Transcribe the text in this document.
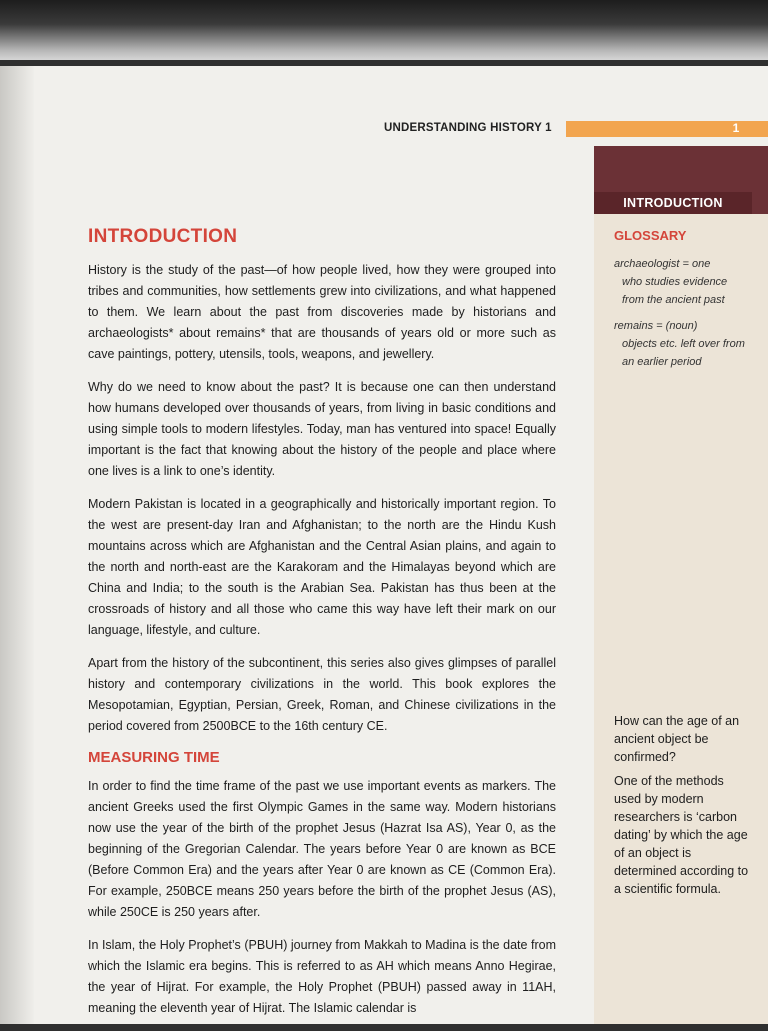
UNDERSTANDING HISTORY 1	1
INTRODUCTION
INTRODUCTION

History is the study of the past—of how people lived, how they were grouped into tribes and communities, how settlements grew into civilizations, and what happened to them. We learn about the past from discoveries made by historians and archaeologists* about remains* that are thousands of years old or more such as cave paintings, pottery, utensils, tools, weapons, and jewellery.

Why do we need to know about the past? It is because one can then understand how humans developed over thousands of years, from living in basic conditions and using simple tools to modern lifestyles. Today, man has ventured into space! Equally important is the fact that knowing about the history of the people and place where one lives is a link to one’s identity.

Modern Pakistan is located in a geographically and historically important region. To the west are present-day Iran and Afghanistan; to the north are the Hindu Kush mountains across which are Afghanistan and the Central Asian plains, and again to the north and north-east are the Karakoram and the Himalayas beyond which are China and India; to the south is the Arabian Sea. Pakistan has thus been at the crossroads of history and all those who came this way have left their mark on our language, lifestyle, and culture.

Apart from the history of the subcontinent, this series also gives glimpses of parallel history and contemporary civilizations in the world. This book explores the Mesopotamian, Egyptian, Persian, Greek, Roman, and Chinese civilizations in the period covered from 2500BCE to the 16th century CE.

MEASURING TIME

In order to find the time frame of the past we use important events as markers. The ancient Greeks used the first Olympic Games in the same way. Modern historians now use the year of the birth of the prophet Jesus (Hazrat Isa AS), Year 0, as the beginning of the Gregorian Calendar. The years before Year 0 are known as BCE (Before Common Era) and the years after Year 0 are known as CE (Common Era). For example, 250BCE means 250 years before the birth of the prophet Jesus (AS), while 250CE is 250 years after.

In Islam, the Holy Prophet’s (PBUH) journey from Makkah to Madina is the date from which the Islamic era begins. This is referred to as AH which means Anno Hegirae, the year of Hijrat. For example, the Holy Prophet (PBUH) passed away in 11AH, meaning the eleventh year of Hijrat. The Islamic calendar is

GLOSSARY
archaeologist = one
who studies evidence from the ancient past
remains = (noun)
objects etc. left over from an earlier period

How can the age of an ancient object be confirmed?

One of the methods used by modern researchers is ‘carbon dating’ by which the age of an object is determined according to a scientific formula.
